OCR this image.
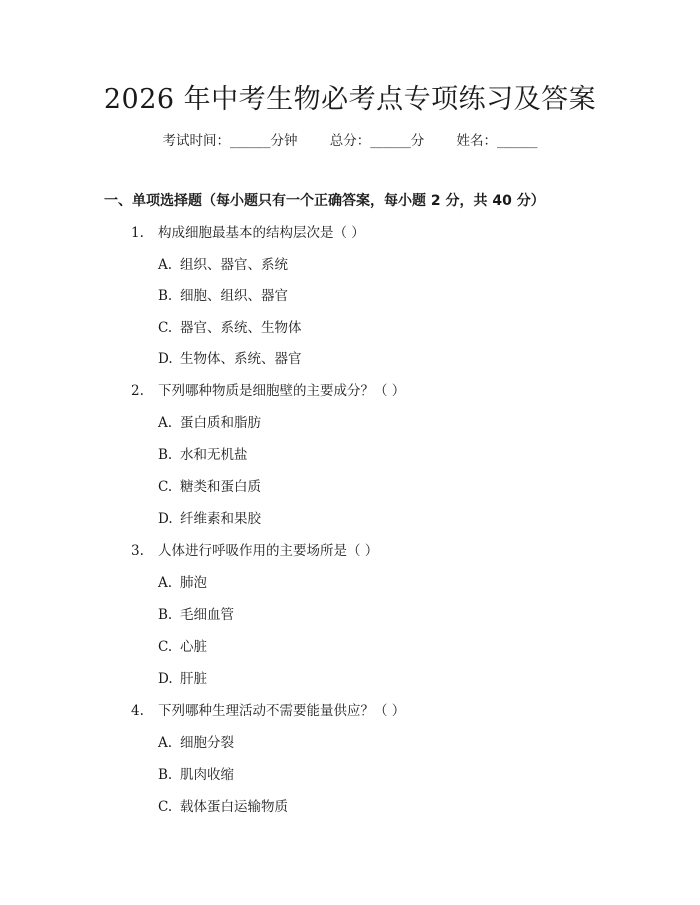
2026 年中考生物必考点专项练习及答案
考试时间：______分钟 总分：______分 姓名：______
一、单项选择题（每小题只有一个正确答案，每小题 2 分，共 40 分）
1. 构成细胞最基本的结构层次是（ ）
A. 组织、器官、系统
B. 细胞、组织、器官
C. 器官、系统、生物体
D. 生物体、系统、器官
2. 下列哪种物质是细胞壁的主要成分？（ ）
A. 蛋白质和脂肪
B. 水和无机盐
C. 糖类和蛋白质
D. 纤维素和果胶
3. 人体进行呼吸作用的主要场所是（ ）
A. 肺泡
B. 毛细血管
C. 心脏
D. 肝脏
4. 下列哪种生理活动不需要能量供应？（ ）
A. 细胞分裂
B. 肌肉收缩
C. 载体蛋白运输物质
